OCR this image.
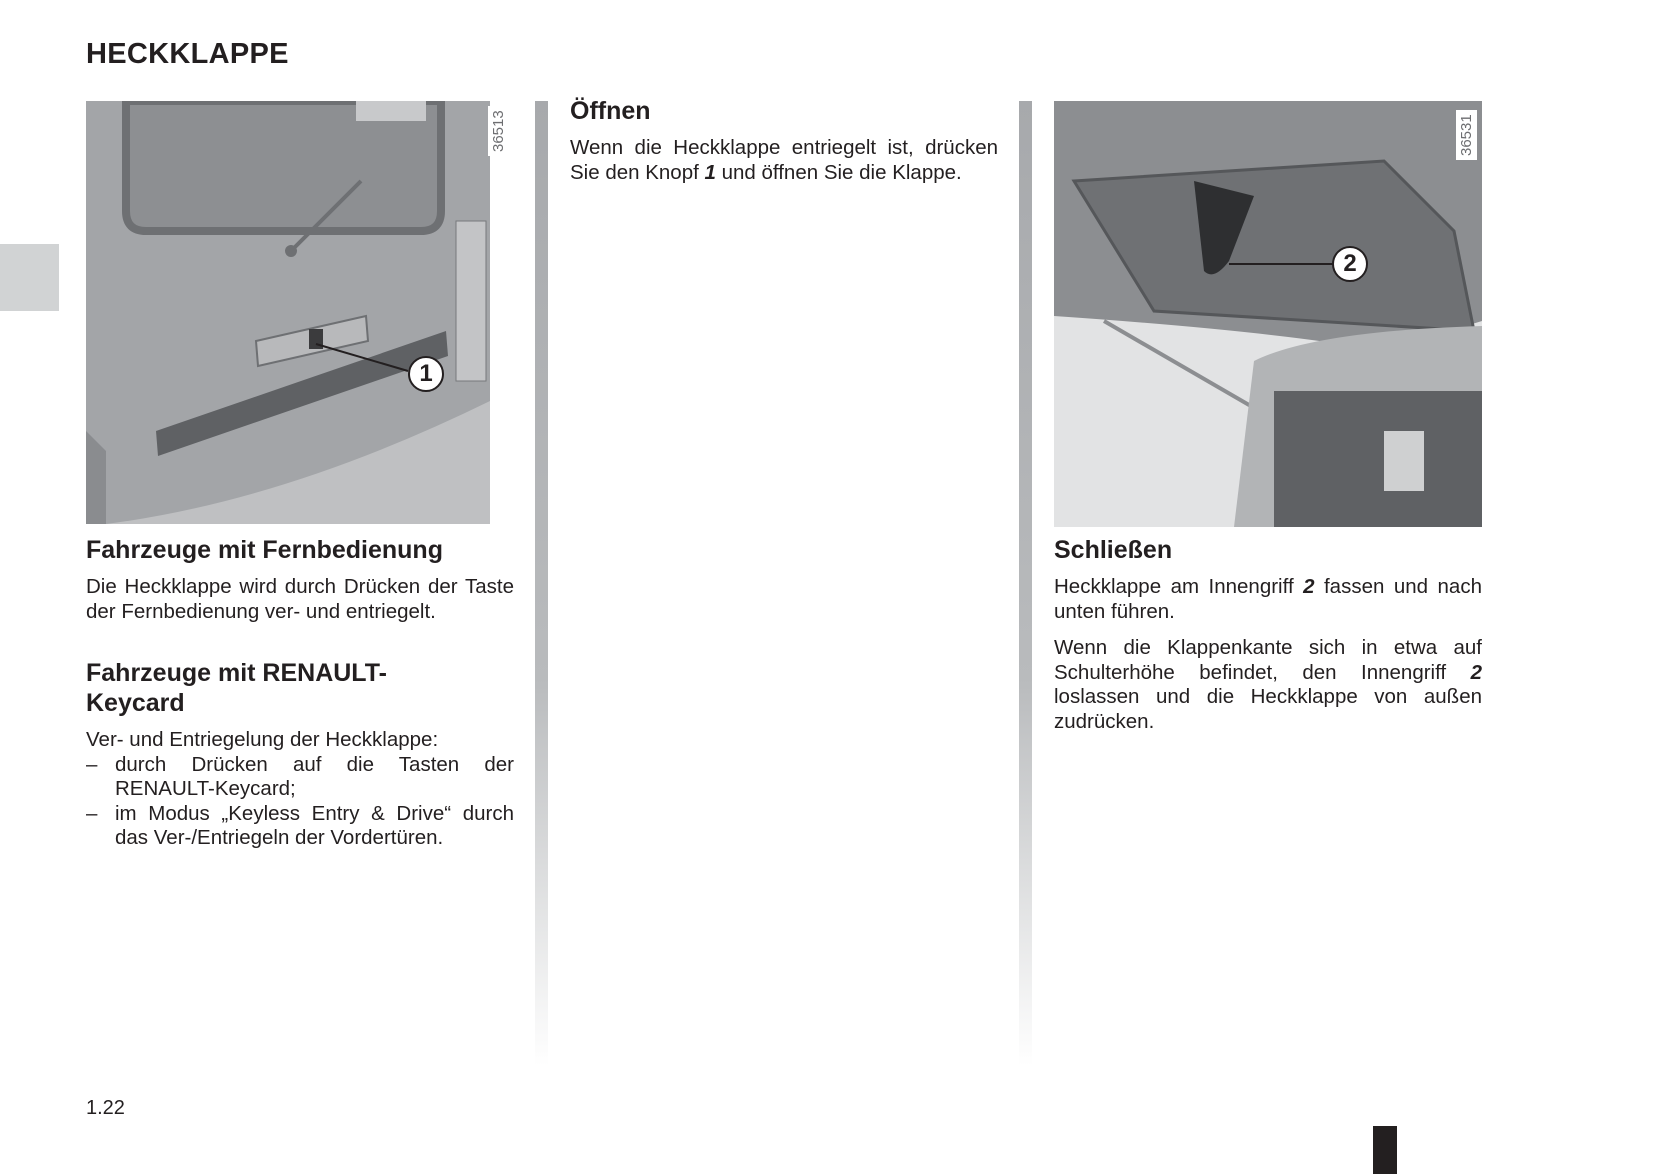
HECKKLAPPE
1
36513
Fahrzeuge mit Fernbedienung

Die Heckklappe wird durch Drücken der Taste der Fernbedienung ver- und entriegelt.

Fahrzeuge mit RENAULT-Keycard

Ver- und Entriegelung der Heckklappe:

– durch Drücken auf die Tasten der RENAULT-Keycard;
– im Modus „Keyless Entry & Drive“ durch das Ver-/Entriegeln der Vordertüren.
Öffnen

Wenn die Heckklappe entriegelt ist, drücken Sie den Knopf 1 und öffnen Sie die Klappe.

2
36531
Schließen

Heckklappe am Innengriff 2 fassen und nach unten führen.

Wenn die Klappenkante sich in etwa auf Schulterhöhe befindet, den Innengriff 2 loslassen und die Heckklappe von außen zudrücken.

1.22
